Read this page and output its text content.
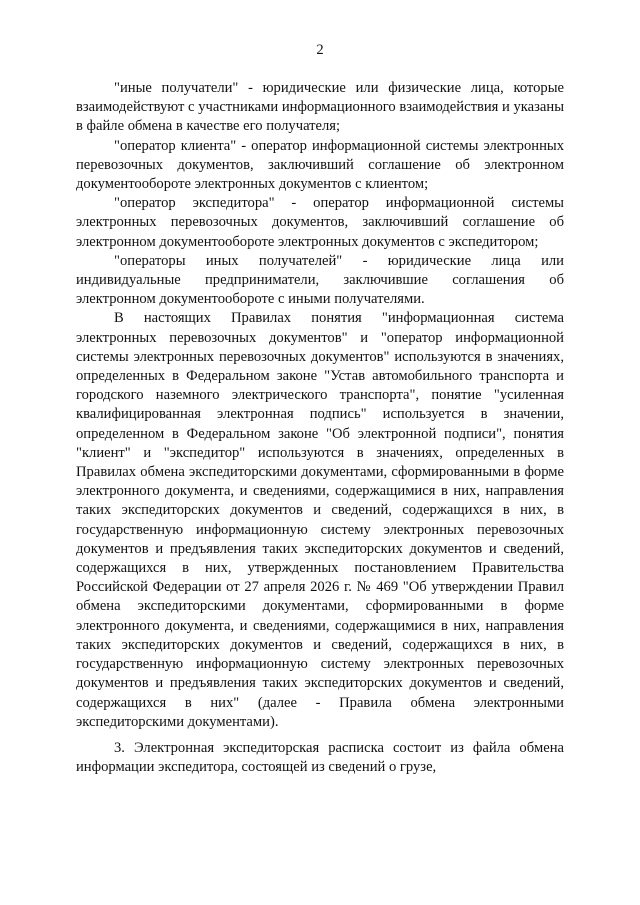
2

"иные получатели" - юридические или физические лица, которые взаимодействуют с участниками информационного взаимодействия и указаны в файле обмена в качестве его получателя;

"оператор клиента" - оператор информационной системы электронных перевозочных документов, заключивший соглашение об электронном документообороте электронных документов с клиентом;

"оператор экспедитора" - оператор информационной системы электронных перевозочных документов, заключивший соглашение об электронном документообороте электронных документов с экспедитором;

"операторы иных получателей" - юридические лица или индивидуальные предприниматели, заключившие соглашения об электронном документообороте с иными получателями.

В настоящих Правилах понятия "информационная система электронных перевозочных документов" и "оператор информационной системы электронных перевозочных документов" используются в значениях, определенных в Федеральном законе "Устав автомобильного транспорта и городского наземного электрического транспорта", понятие "усиленная квалифицированная электронная подпись" используется в значении, определенном в Федеральном законе "Об электронной подписи", понятия "клиент" и "экспедитор" используются в значениях, определенных в Правилах обмена экспедиторскими документами, сформированными в форме электронного документа, и сведениями, содержащимися в них, направления таких экспедиторских документов и сведений, содержащихся в них, в государственную информационную систему электронных перевозочных документов и предъявления таких экспедиторских документов и сведений, содержащихся в них, утвержденных постановлением Правительства Российской Федерации от 27 апреля 2026 г. № 469 "Об утверждении Правил обмена экспедиторскими документами, сформированными в форме электронного документа, и сведениями, содержащимися в них, направления таких экспедиторских документов и сведений, содержащихся в них, в государственную информационную систему электронных перевозочных документов и предъявления таких экспедиторских документов и сведений, содержащихся в них" (далее - Правила обмена электронными экспедиторскими документами).

3. Электронная экспедиторская расписка состоит из файла обмена информации экспедитора, состоящей из сведений о грузе,
